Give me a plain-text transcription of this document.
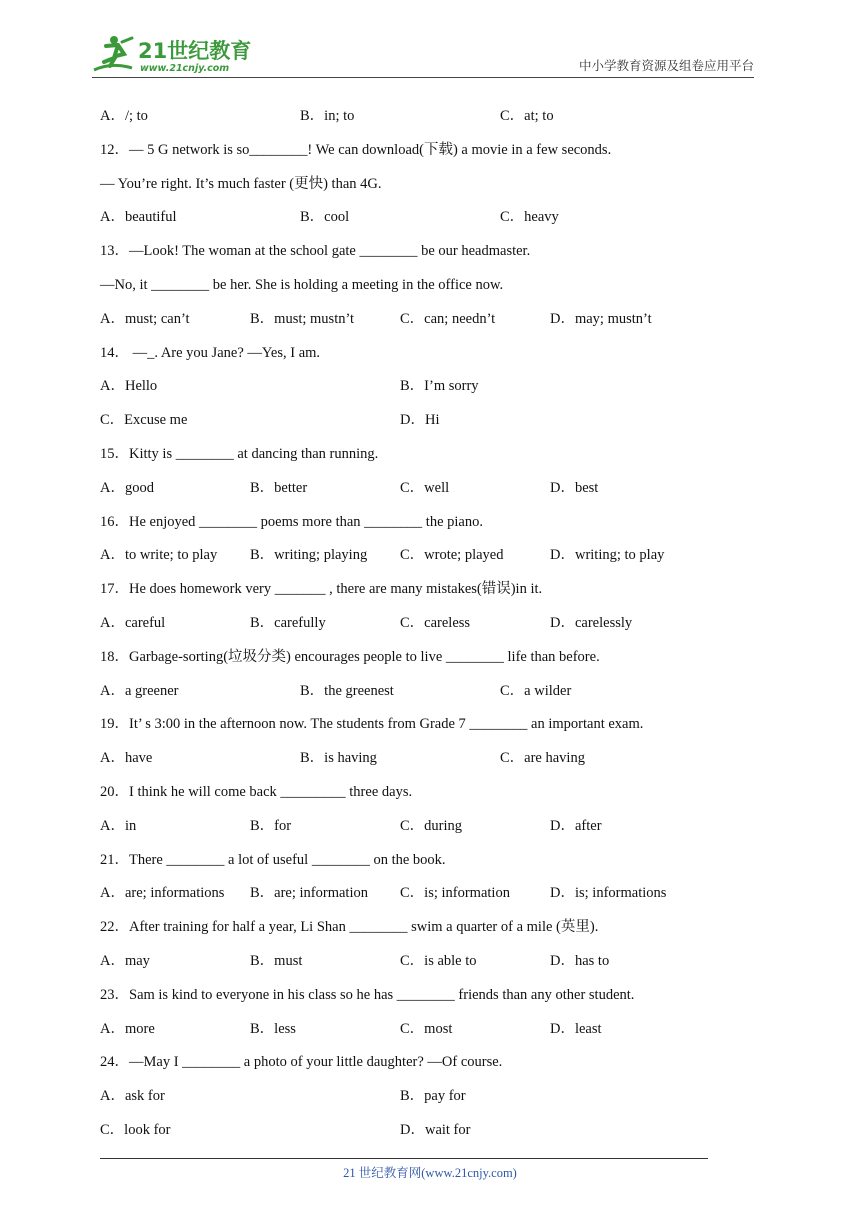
21世纪教育
www.21cnjy.com	中小学教育资源及组卷应用平台
A．/; to	B．in; to	C．at; to
12．— 5 G network is so________! We can download(下载) a movie in a few seconds.
— You’re right. It’s much faster (更快) than 4G.
A．beautiful	B．cool	C．heavy
13．—Look! The woman at the school gate ________ be our headmaster.
—No, it ________ be her. She is holding a meeting in the office now.
A．must; can’t	B．must; mustn’t	C．can; needn’t	D．may; mustn’t
14． —_. Are you Jane? —Yes, I am.
A．Hello	B．I’m sorry
C．Excuse me	D．Hi
15．Kitty is ________ at dancing than running.
A．good	B．better	C．well	D．best
16．He enjoyed ________ poems more than ________ the piano.
A．to write; to play	B．writing; playing	C．wrote; played	D．writing; to play
17．He does homework very _______ , there are many mistakes(错误)in it.
A．careful	B．carefully	C．careless	D．carelessly
18．Garbage-sorting(垃圾分类) encourages people to live ________ life than before.
A．a greener	B．the greenest	C．a wilder
19．It’ s 3:00 in the afternoon now. The students from Grade 7 ________ an important exam.
A．have	B．is having	C．are having
20．I think he will come back _________ three days.
A．in	B．for	C．during	D．after
21．There ________ a lot of useful ________ on the book.
A．are; informations	B．are; information	C．is; information	D．is; informations
22．After training for half a year, Li Shan ________ swim a quarter of a mile (英里).
A．may	B．must	C．is able to	D．has to
23．Sam is kind to everyone in his class so he has ________ friends than any other student.
A．more	B．less	C．most	D．least
24．—May I ________ a photo of your little daughter? —Of course.
A．ask for	B．pay for
C．look for	D．wait for
21 世纪教育网(www.21cnjy.com)
